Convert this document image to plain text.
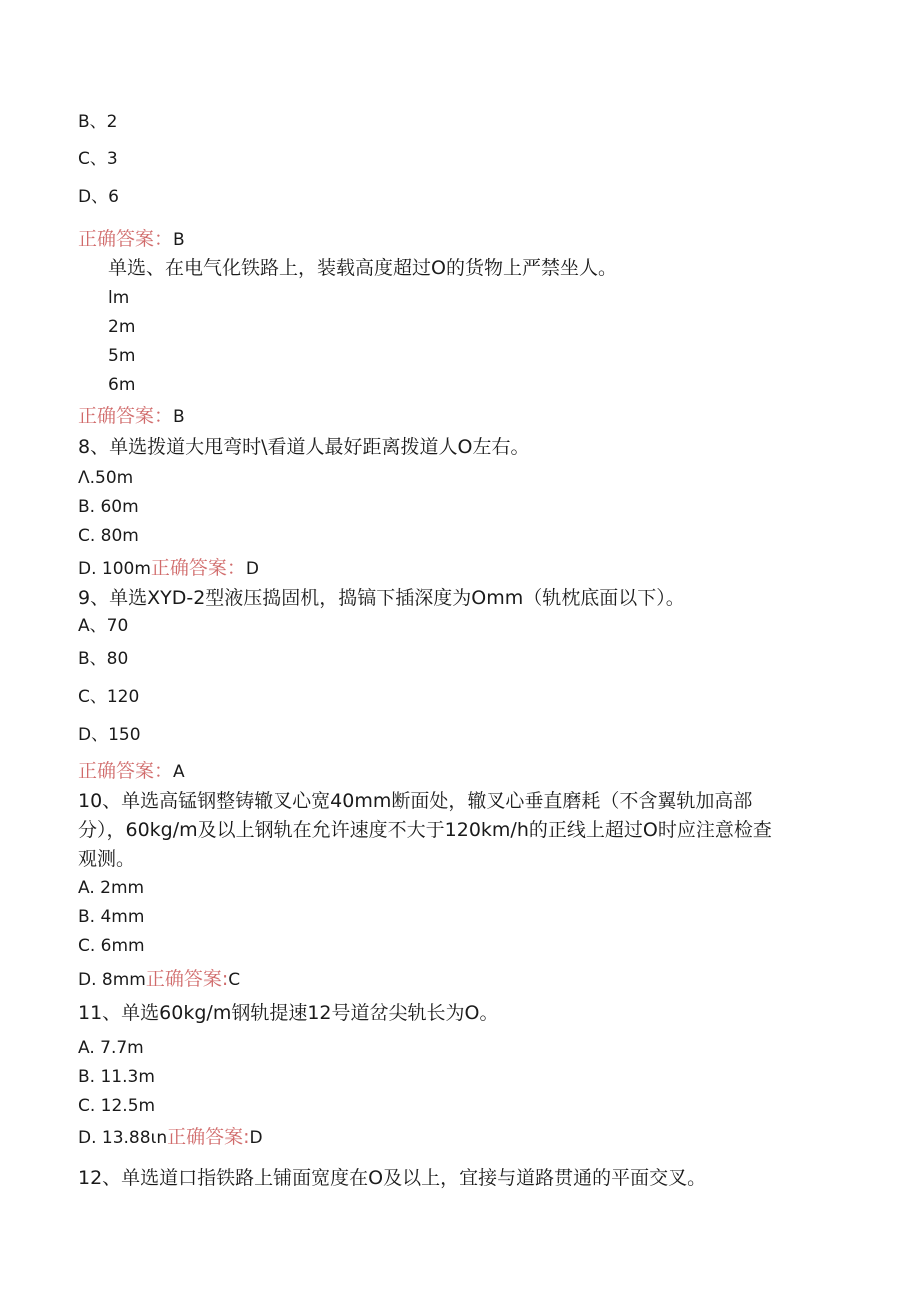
B、2
C、3
D、6
正确答案：B
单选、在电气化铁路上，装载高度超过O的货物上严禁坐人。
lm
2m
5m
6m
正确答案：B
8、单选拨道大甩弯时\看道人最好距离拨道人O左右。
Λ.50m
B. 60m
C. 80m
D. 100m正确答案：D
9、单选XYD-2型液压捣固机，捣镐下插深度为Omm（轨枕底面以下）。
A、70
B、80
C、120
D、150
正确答案：A
10、单选高锰钢整铸辙叉心宽40mm断面处，辙叉心垂直磨耗（不含翼轨加高部
分），60kg∕m及以上钢轨在允许速度不大于120km∕h的正线上超过O时应注意检查
观测。
A. 2mm
B. 4mm
C. 6mm
D. 8mm正确答案:C
11、单选60kg∕m钢轨提速12号道岔尖轨长为O。
A. 7.7m
B. 11.3m
C. 12.5m
D. 13.88ιn正确答案:D
12、单选道口指铁路上铺面宽度在O及以上，宜接与道路贯通的平面交叉。
